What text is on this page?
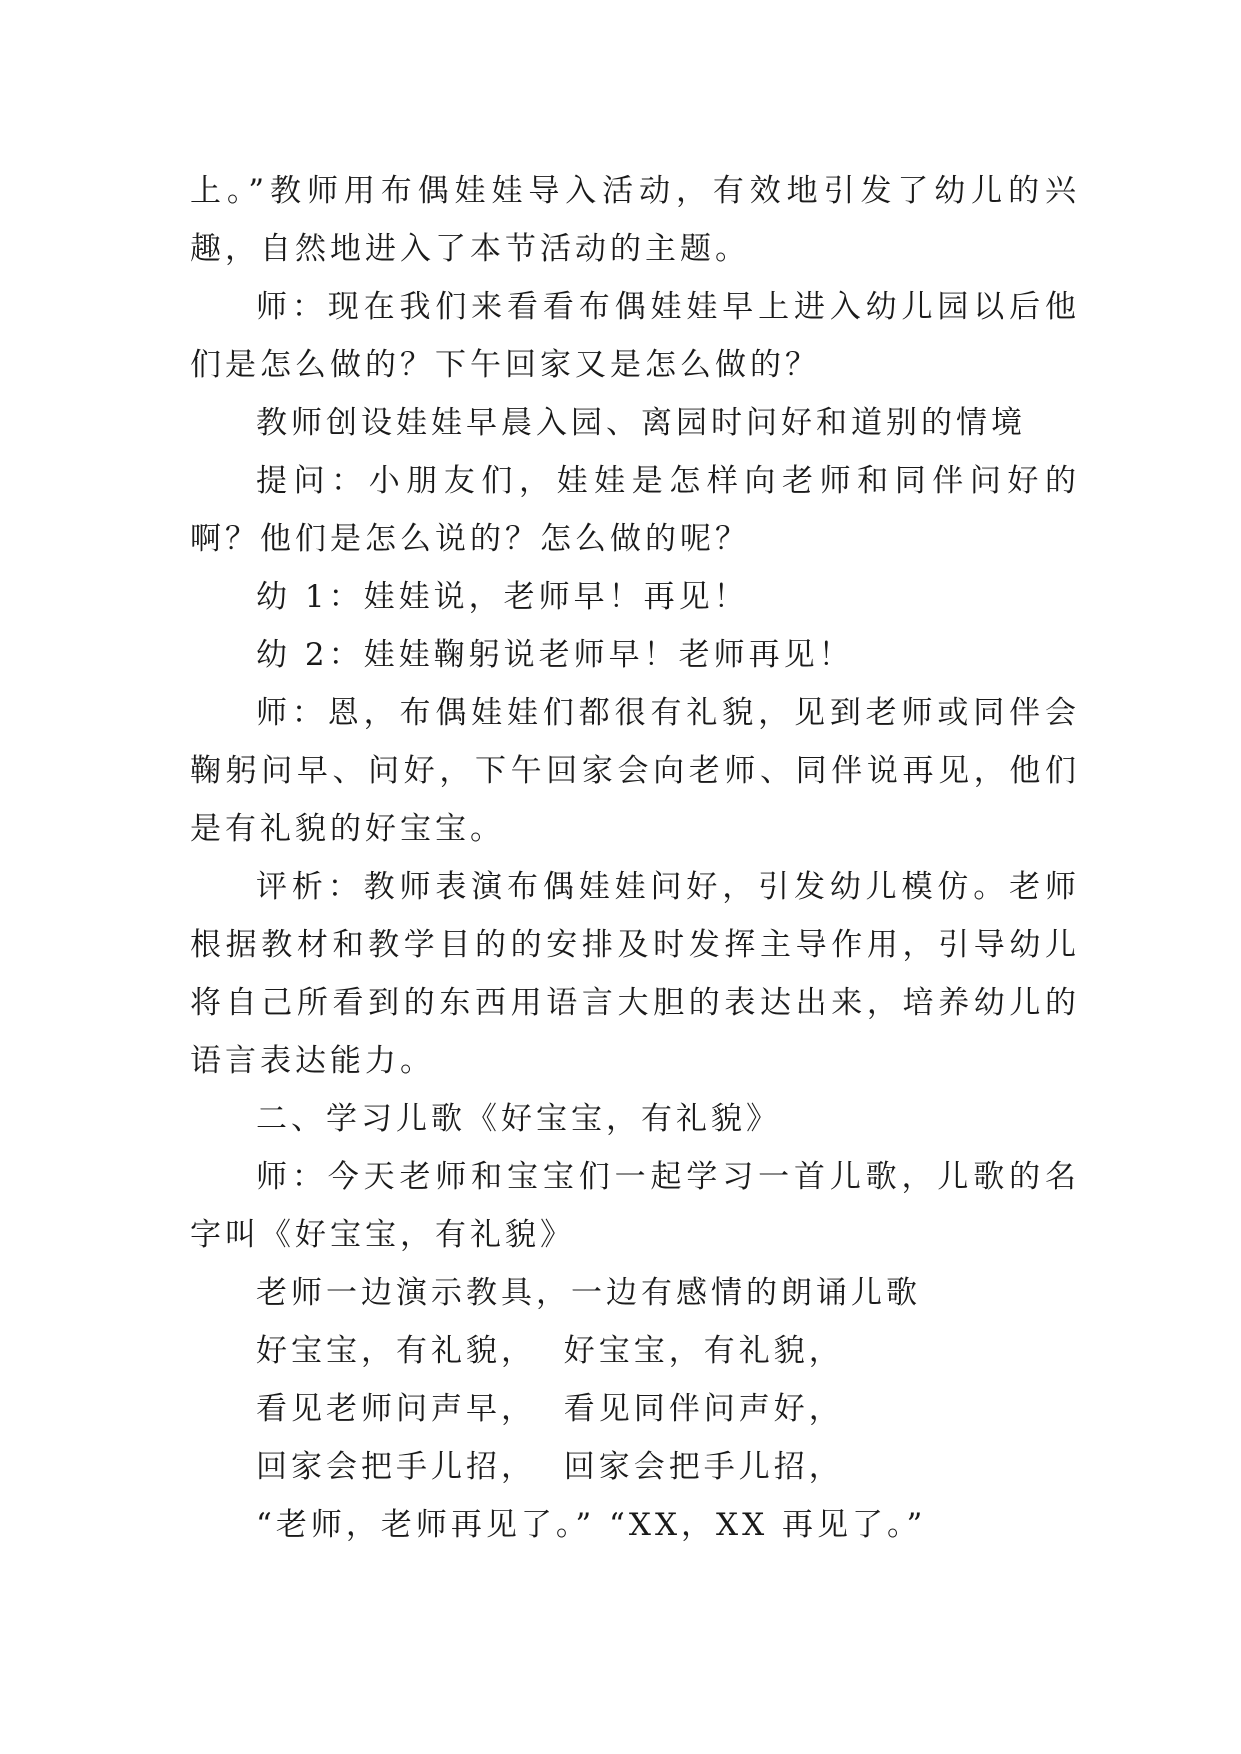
上。”教师用布偶娃娃导入活动，有效地引发了幼儿的兴趣，自然地进入了本节活动的主题。

师：现在我们来看看布偶娃娃早上进入幼儿园以后他们是怎么做的？下午回家又是怎么做的？

教师创设娃娃早晨入园、离园时问好和道别的情境

提问：小朋友们，娃娃是怎样向老师和同伴问好的啊？他们是怎么说的？怎么做的呢？

幼 1：娃娃说，老师早！再见！

幼 2：娃娃鞠躬说老师早！老师再见！

师：恩，布偶娃娃们都很有礼貌，见到老师或同伴会鞠躬问早、问好，下午回家会向老师、同伴说再见，他们是有礼貌的好宝宝。

评析：教师表演布偶娃娃问好，引发幼儿模仿。老师根据教材和教学目的的安排及时发挥主导作用，引导幼儿将自己所看到的东西用语言大胆的表达出来，培养幼儿的语言表达能力。

二、学习儿歌《好宝宝，有礼貌》

师：今天老师和宝宝们一起学习一首儿歌，儿歌的名字叫《好宝宝，有礼貌》

老师一边演示教具，一边有感情的朗诵儿歌

好宝宝，有礼貌，  好宝宝，有礼貌，

看见老师问声早，  看见同伴问声好，

回家会把手儿招，  回家会把手儿招，

“老师，老师再见了。” “XX，XX 再见了。”
